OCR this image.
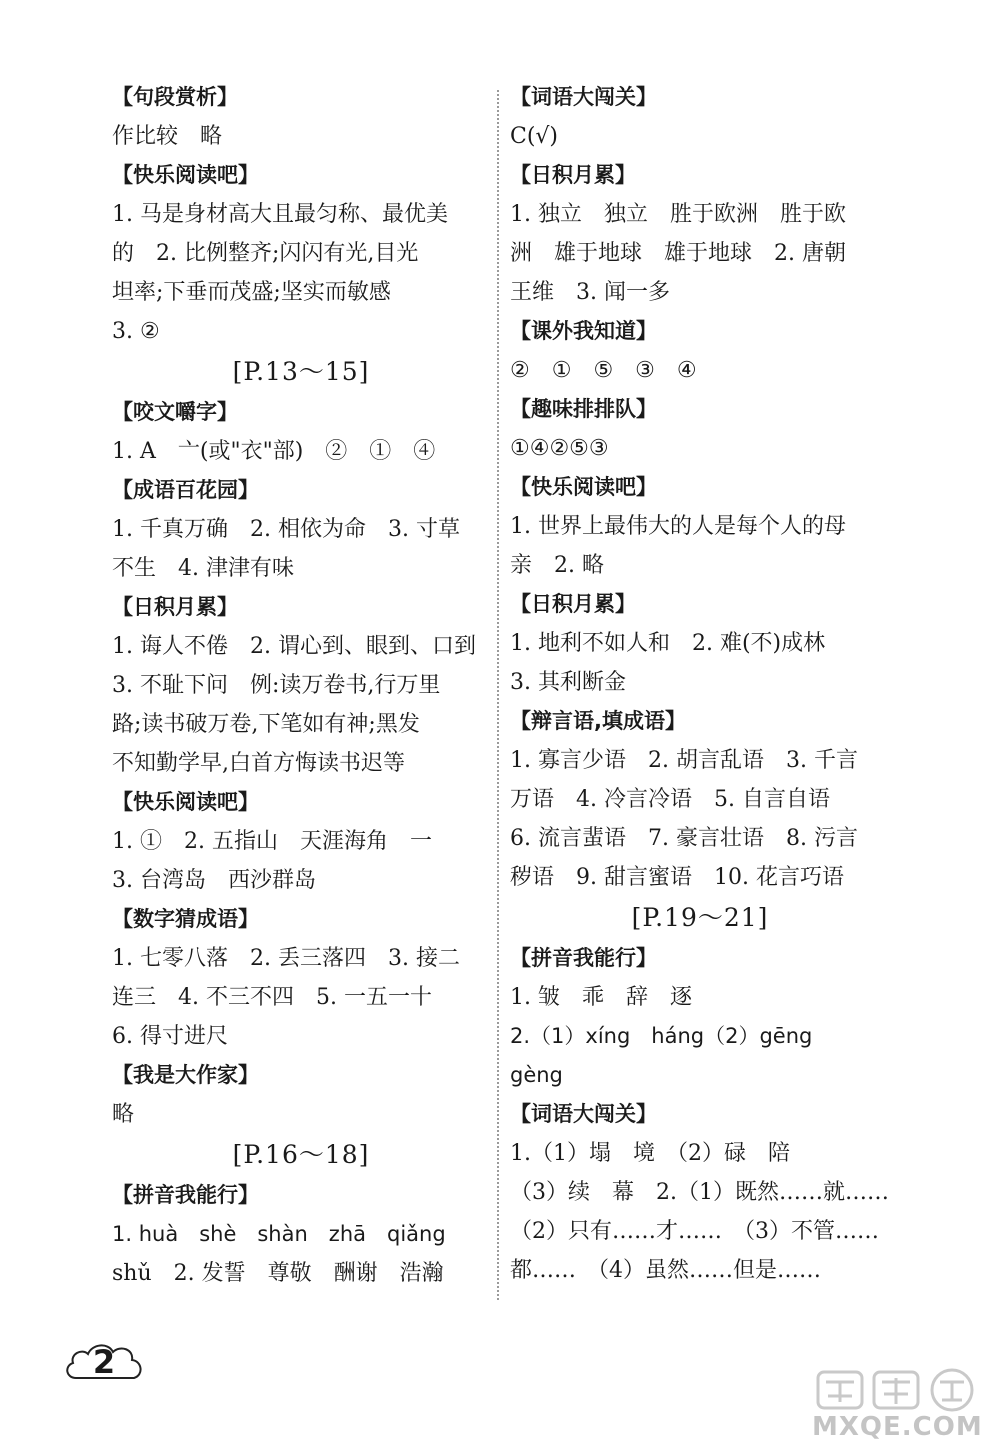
【句段赏析】
作比较　略
【快乐阅读吧】
1. 马是身材高大且最匀称、最优美
的　2. 比例整齐;闪闪有光,目光
坦率;下垂而茂盛;坚实而敏感
3. ②
[P.13～15]
【咬文嚼字】
1. A　亠(或"衣"部)　②　①　④
【成语百花园】
1. 千真万确　2. 相依为命　3. 寸草
不生　4. 津津有味
【日积月累】
1. 诲人不倦　2. 谓心到、眼到、口到
3. 不耻下问　例:读万卷书,行万里
路;读书破万卷,下笔如有神;黑发
不知勤学早,白首方悔读书迟等
【快乐阅读吧】
1. ①　2. 五指山　天涯海角　一
3. 台湾岛　西沙群岛
【数字猜成语】
1. 七零八落　2. 丢三落四　3. 接二
连三　4. 不三不四　5. 一五一十
6. 得寸进尺
【我是大作家】
略
[P.16～18]
【拼音我能行】
1. huà　shè　shàn　zhā　qiǎng
shǔ　2. 发誓　尊敬　酬谢　浩瀚
【词语大闯关】
C(√)
【日积月累】
1. 独立　独立　胜于欧洲　胜于欧
洲　雄于地球　雄于地球　2. 唐朝
王维　3. 闻一多
【课外我知道】
②　①　⑤　③　④
【趣味排排队】
①④②⑤③
【快乐阅读吧】
1. 世界上最伟大的人是每个人的母
亲　2. 略
【日积月累】
1. 地利不如人和　2. 难(不)成林
3. 其利断金
【辩言语,填成语】
1. 寡言少语　2. 胡言乱语　3. 千言
万语　4. 冷言冷语　5. 自言自语
6. 流言蜚语　7. 豪言壮语　8. 污言
秽语　9. 甜言蜜语　10. 花言巧语
[P.19～21]
【拼音我能行】
1. 皱　乖　辞　逐
2.（1）xíng　háng（2）gēng
gèng
【词语大闯关】
1.（1）塌　境　（2）碌　陪
（3）续　幕　2.（1）既然……就……
（2）只有……才……　（3）不管……
都……　（4）虽然……但是……
2
MXQE.COM
